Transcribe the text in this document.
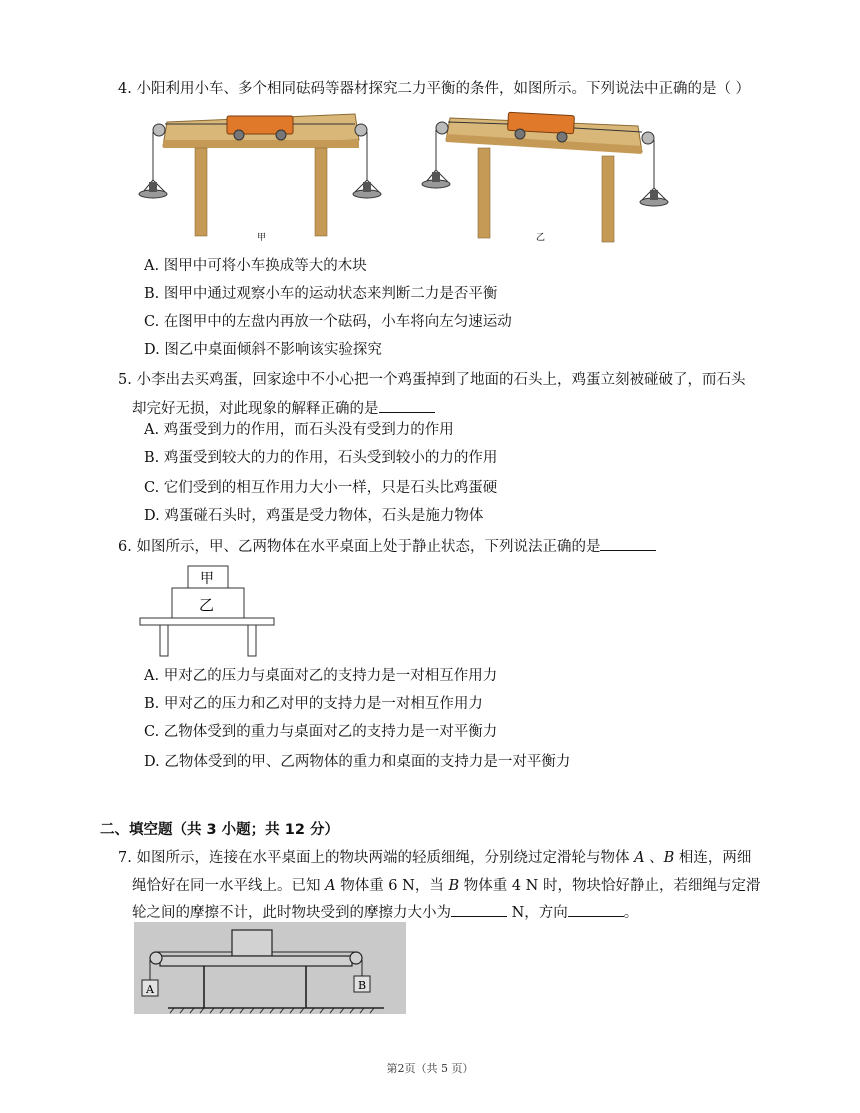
4. 小阳利用小车、多个相同砝码等器材探究二力平衡的条件，如图所示。下列说法中正确的是（ ）
甲	乙
A. 图甲中可将小车换成等大的木块
B. 图甲中通过观察小车的运动状态来判断二力是否平衡
C. 在图甲中的左盘内再放一个砝码，小车将向左匀速运动
D. 图乙中桌面倾斜不影响该实验探究
5. 小李出去买鸡蛋，回家途中不小心把一个鸡蛋掉到了地面的石头上，鸡蛋立刻被碰破了，而石头
却完好无损，对此现象的解释正确的是
A. 鸡蛋受到力的作用，而石头没有受到力的作用
B. 鸡蛋受到较大的力的作用，石头受到较小的力的作用
C. 它们受到的相互作用力大小一样，只是石头比鸡蛋硬
D. 鸡蛋碰石头时，鸡蛋是受力物体，石头是施力物体
6. 如图所示，甲、乙两物体在水平桌面上处于静止状态，下列说法正确的是
甲
乙
A. 甲对乙的压力与桌面对乙的支持力是一对相互作用力
B. 甲对乙的压力和乙对甲的支持力是一对相互作用力
C. 乙物体受到的重力与桌面对乙的支持力是一对平衡力
D. 乙物体受到的甲、乙两物体的重力和桌面的支持力是一对平衡力
二、填空题（共 3 小题；共 12 分）
7. 如图所示，连接在水平桌面上的物块两端的轻质细绳，分别绕过定滑轮与物体 A 、B 相连，两细
绳恰好在同一水平线上。已知 A 物体重 6 N，当 B 物体重 4 N 时，物块恰好静止，若细绳与定滑
轮之间的摩擦不计，此时物块受到的摩擦力大小为	N，方向	。
A	B
第2页（共 5 页）
